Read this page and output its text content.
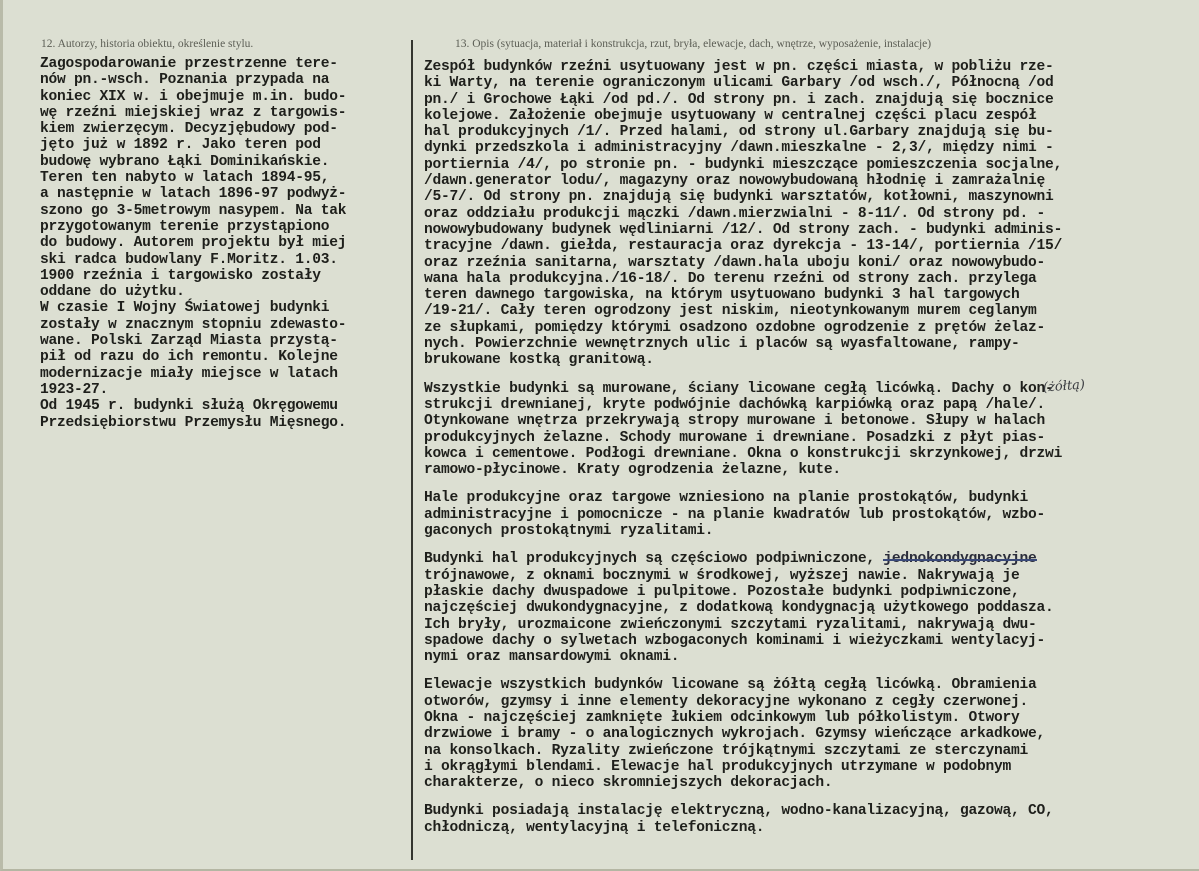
12. Autorzy, historia obiektu, określenie stylu.	13. Opis (sytuacja, materiał i konstrukcja, rzut, bryła, elewacje, dach, wnętrze, wyposażenie, instalacje)
Zagospodarowanie przestrzenne tere-
nów pn.-wsch. Poznania przypada na
koniec XIX w. i obejmuje m.in. budo-
wę rzeźni miejskiej wraz z targowis-
kiem zwierzęcym. Decyzjębudowy pod-
jęto już w 1892 r. Jako teren pod
budowę wybrano Łąki Dominikańskie.
Teren ten nabyto w latach 1894-95,
a następnie w latach 1896-97 podwyż-
szono go 3-5metrowym nasypem. Na tak
przygotowanym terenie przystąpiono
do budowy. Autorem projektu był miej
ski radca budowlany F.Moritz. 1.03.
1900 rzeźnia i targowisko zostały
oddane do użytku.
W czasie I Wojny Światowej budynki
zostały w znacznym stopniu zdewasto-
wane. Polski Zarząd Miasta przystą-
pił od razu do ich remontu. Kolejne
modernizacje miały miejsce w latach
1923-27.
Od 1945 r. budynki służą Okręgowemu
Przedsiębiorstwu Przemysłu Mięsnego.
Zespół budynków rzeźni usytuowany jest w pn. części miasta, w pobliżu rze-
ki Warty, na terenie ograniczonym ulicami Garbary /od wsch./, Północną /od
pn./ i Grochowe Łąki /od pd./. Od strony pn. i zach. znajdują się bocznice
kolejowe. Założenie obejmuje usytuowany w centralnej części placu zespół
hal produkcyjnych /1/. Przed halami, od strony ul.Garbary znajdują się bu-
dynki przedszkola i administracyjny /dawn.mieszkalne - 2,3/, między nimi -
portiernia /4/, po stronie pn. - budynki mieszczące pomieszczenia socjalne,
/dawn.generator lodu/, magazyny oraz nowowybudowaną hłodnię i zamrażalnię
/5-7/. Od strony pn. znajdują się budynki warsztatów, kotłowni, maszynowni
oraz oddziału produkcji mączki /dawn.mierzwialni - 8-11/. Od strony pd. -
nowowybudowany budynek wędliniarni /12/. Od strony zach. - budynki adminis-
tracyjne /dawn. giełda, restauracja oraz dyrekcja - 13-14/, portiernia /15/
oraz rzeźnia sanitarna, warsztaty /dawn.hala uboju koni/ oraz nowowybudo-
wana hala produkcyjna./16-18/. Do terenu rzeźni od strony zach. przylega
teren dawnego targowiska, na którym usytuowano budynki 3 hal targowych
/19-21/. Cały teren ogrodzony jest niskim, nieotynkowanym murem ceglanym
ze słupkami, pomiędzy którymi osadzono ozdobne ogrodzenie z prętów żelaz-
nych. Powierzchnie wewnętrznych ulic i placów są wyasfaltowane, rampy-
brukowane kostką granitową.
Wszystkie budynki są murowane, ściany licowane cegłą licówką. Dachy o kon-
strukcji drewnianej, kryte podwójnie dachówką karpiówką oraz papą /hale/.
Otynkowane wnętrza przekrywają stropy murowane i betonowe. Słupy w halach
produkcyjnych żelazne. Schody murowane i drewniane. Posadzki z płyt pias-
kowca i cementowe. Podłogi drewniane. Okna o konstrukcji skrzynkowej, drzwi
ramowo-płycinowe. Kraty ogrodzenia żelazne, kute.
Hale produkcyjne oraz targowe wzniesiono na planie prostokątów, budynki
administracyjne i pomocnicze - na planie kwadratów lub prostokątów, wzbo-
gaconych prostokątnymi ryzalitami.
Budynki hal produkcyjnych są częściowo podpiwniczone, jednokondygnacyjne
trójnawowe, z oknami bocznymi w środkowej, wyższej nawie. Nakrywają je
płaskie dachy dwuspadowe i pulpitowe. Pozostałe budynki podpiwniczone,
najczęściej dwukondygnacyjne, z dodatkową kondygnacją użytkowego poddasza.
Ich bryły, urozmaicone zwieńczonymi szczytami ryzalitami, nakrywają dwu-
spadowe dachy o sylwetach wzbogaconych kominami i wieżyczkami wentylacyj-
nymi oraz mansardowymi oknami.
Elewacje wszystkich budynków licowane są żółtą cegłą licówką. Obramienia
otworów, gzymsy i inne elementy dekoracyjne wykonano z cegły czerwonej.
Okna - najczęściej zamknięte łukiem odcinkowym lub półkolistym. Otwory
drzwiowe i bramy - o analogicznych wykrojach. Gzymsy wieńczące arkadkowe,
na konsolkach. Ryzality zwieńczone trójkątnymi szczytami ze sterczynami
i okrągłymi blendami. Elewacje hal produkcyjnych utrzymane w podobnym
charakterze, o nieco skromniejszych dekoracjach.
Budynki posiadają instalację elektryczną, wodno-kanalizacyjną, gazową, CO,
chłodniczą, wentylacyjną i telefoniczną.
(żółtą)
